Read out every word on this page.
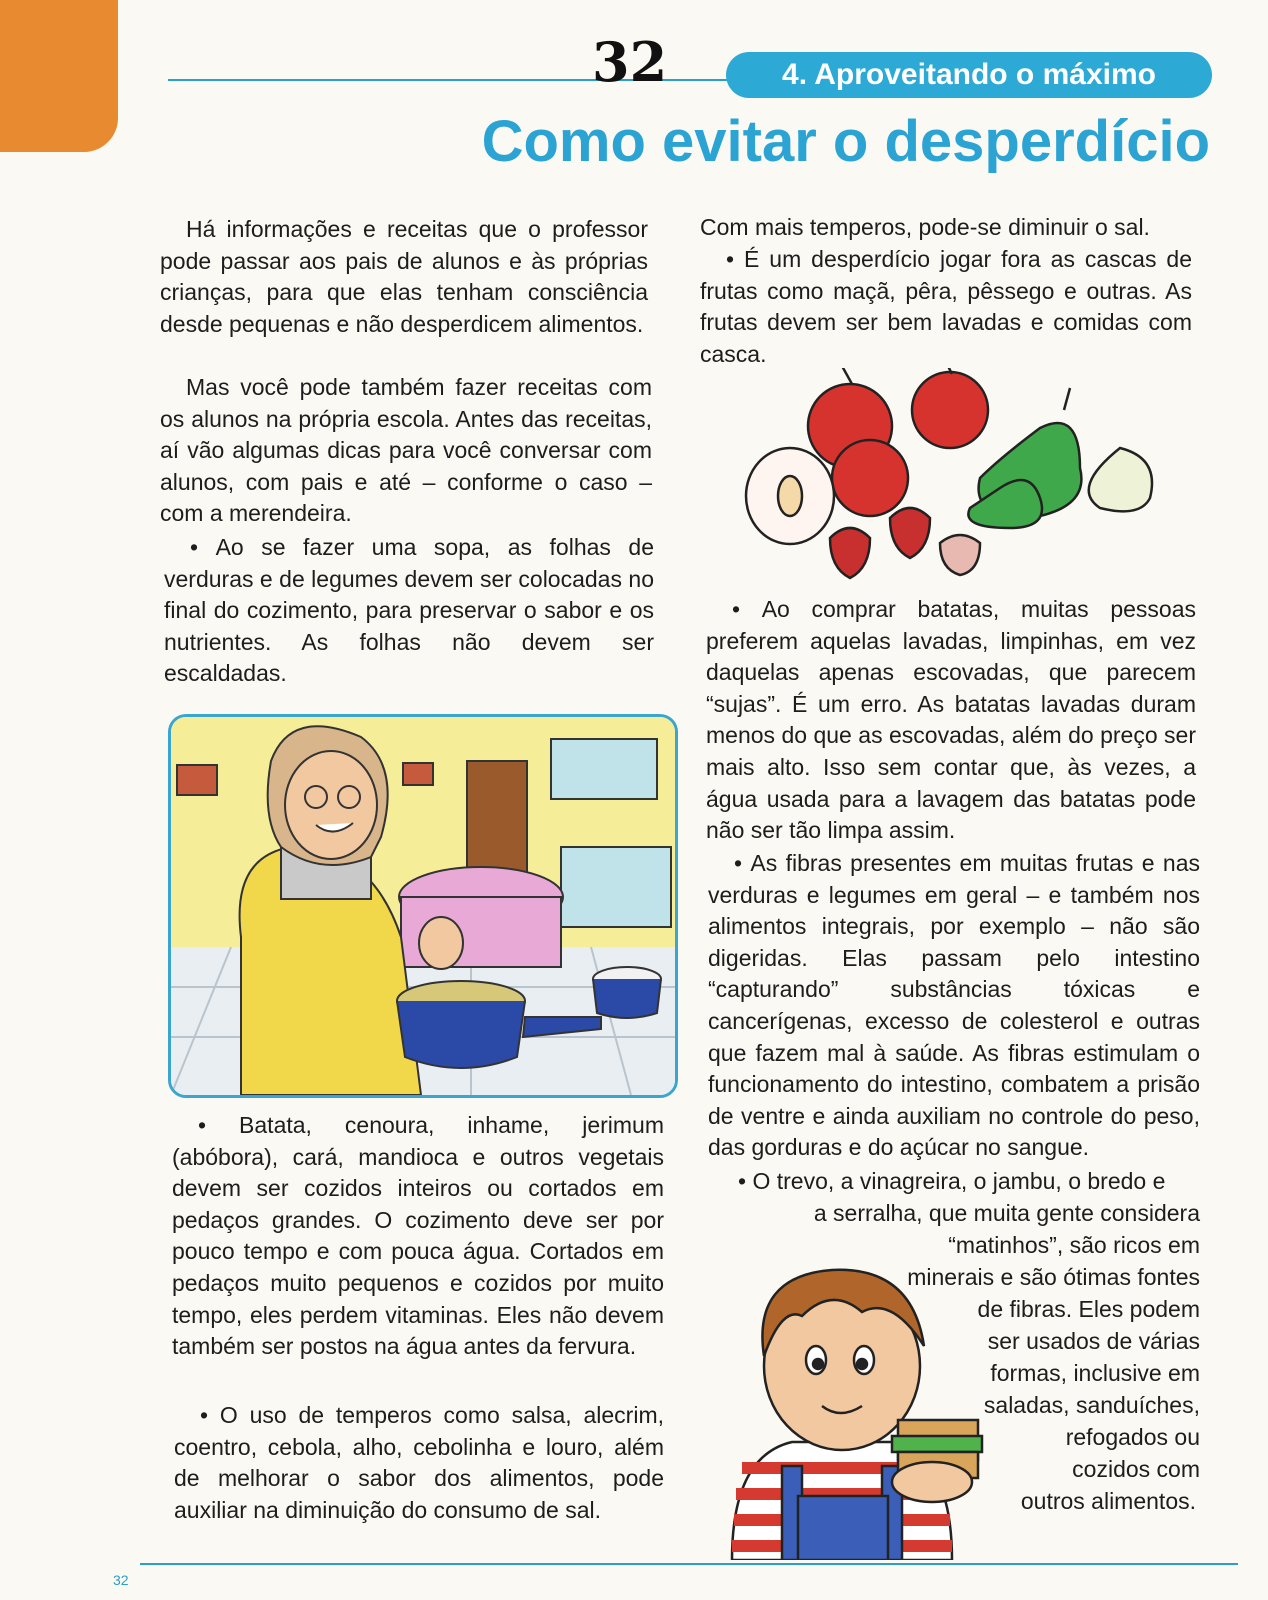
32	4. Aproveitando o máximo
Como evitar o desperdício

Há informações e receitas que o professor pode passar aos pais de alunos e às próprias crianças, para que elas tenham consciência desde pequenas e não desperdicem alimentos.

Mas você pode também fazer receitas com os alunos na própria escola. Antes das receitas, aí vão algumas dicas para você conversar com alunos, com pais e até – conforme o caso – com a merendeira.

• Ao se fazer uma sopa, as folhas de verduras e de legumes devem ser colocadas no final do cozimento, para preservar o sabor e os nutrientes. As folhas não devem ser escaldadas.

• Batata, cenoura, inhame, jerimum (abóbora), cará, mandioca e outros vegetais devem ser cozidos inteiros ou cortados em pedaços grandes. O cozimento deve ser por pouco tempo e com pouca água. Cortados em pedaços muito pequenos e cozidos por muito tempo, eles perdem vitaminas. Eles não devem também ser postos na água antes da fervura.

• O uso de temperos como salsa, alecrim, coentro, cebola, alho, cebolinha e louro, além de melhorar o sabor dos alimentos, pode auxiliar na diminuição do consumo de sal.

Com mais temperos, pode-se diminuir o sal.

• É um desperdício jogar fora as cascas de frutas como maçã, pêra, pêssego e outras. As frutas devem ser bem lavadas e comidas com casca.

• Ao comprar batatas, muitas pessoas preferem aquelas lavadas, limpinhas, em vez daquelas apenas escovadas, que parecem “sujas”. É um erro. As batatas lavadas duram menos do que as escovadas, além do preço ser mais alto. Isso sem contar que, às vezes, a água usada para a lavagem das batatas pode não ser tão limpa assim.

• As fibras presentes em muitas frutas e nas verduras e legumes em geral – e também nos alimentos integrais, por exemplo – não são digeridas. Elas passam pelo intestino “capturando” substâncias tóxicas e cancerígenas, excesso de colesterol e outras que fazem mal à saúde. As fibras estimulam o funcionamento do intestino, combatem a prisão de ventre e ainda auxiliam no controle do peso, das gorduras e do açúcar no sangue.

• O trevo, a vinagreira, o jambu, o bredo e
a serralha, que muita gente considera
“matinhos”, são ricos em
minerais e são ótimas fontes
de fibras. Eles podem
ser usados de várias
formas, inclusive em
saladas, sanduíches,
refogados ou
cozidos com
outros alimentos.
32
